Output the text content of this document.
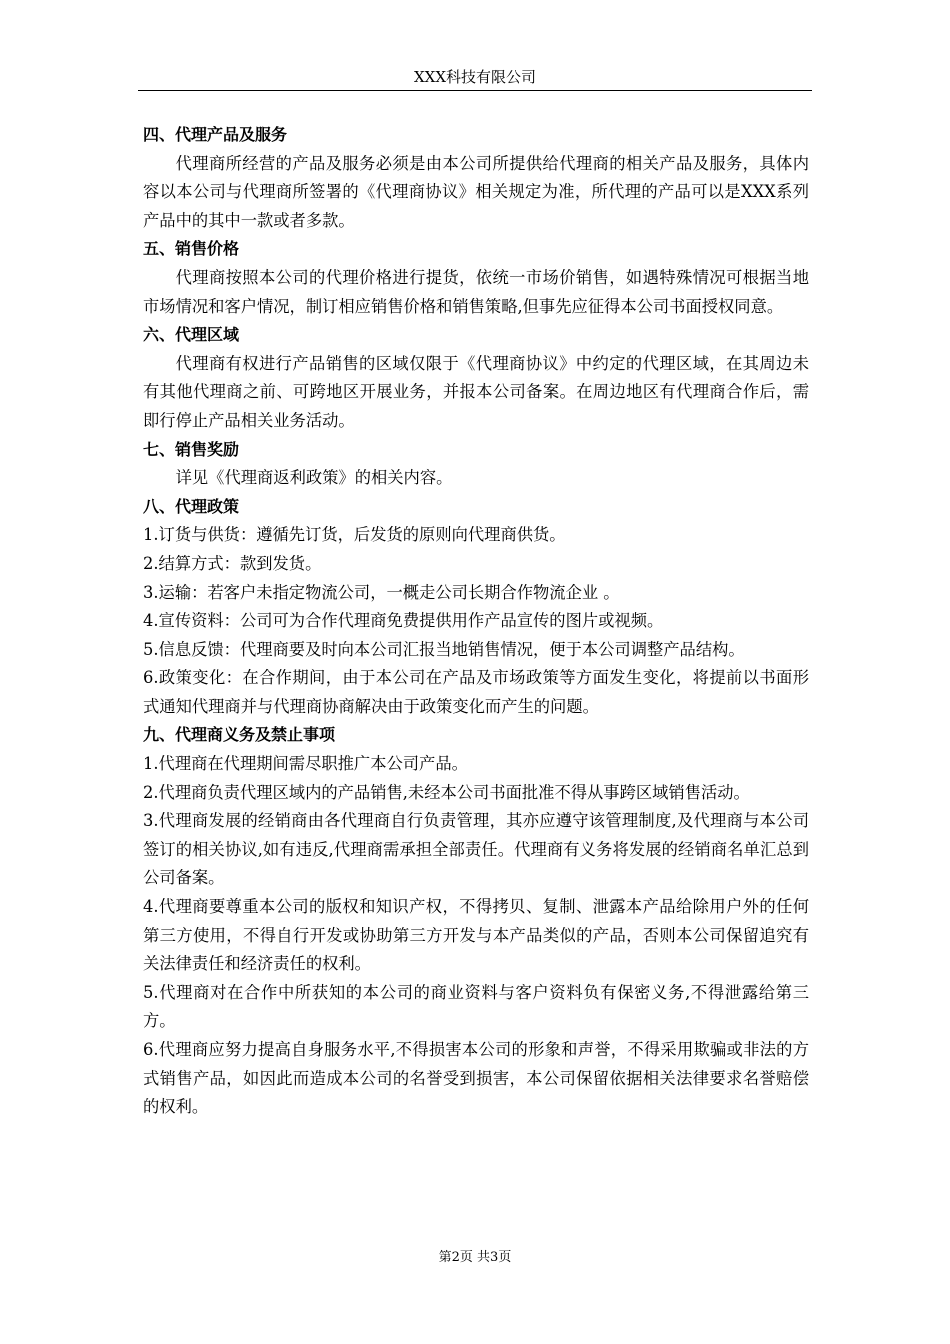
XXX科技有限公司
四、代理产品及服务
代理商所经营的产品及服务必须是由本公司所提供给代理商的相关产品及服务，具体内容以本公司与代理商所签署的《代理商协议》相关规定为准，所代理的产品可以是XXX系列产品中的其中一款或者多款。
五、销售价格
代理商按照本公司的代理价格进行提货，依统一市场价销售，如遇特殊情况可根据当地市场情况和客户情况，制订相应销售价格和销售策略,但事先应征得本公司书面授权同意。
六、代理区域
代理商有权进行产品销售的区域仅限于《代理商协议》中约定的代理区域，在其周边未有其他代理商之前、可跨地区开展业务，并报本公司备案。在周边地区有代理商合作后，需即行停止产品相关业务活动。
七、销售奖励
详见《代理商返利政策》的相关内容。
八、代理政策
1.订货与供货：遵循先订货，后发货的原则向代理商供货。
2.结算方式：款到发货。
3.运输：若客户未指定物流公司，一概走公司长期合作物流企业 。
4.宣传资料：公司可为合作代理商免费提供用作产品宣传的图片或视频。
5.信息反馈：代理商要及时向本公司汇报当地销售情况，便于本公司调整产品结构。
6.政策变化：在合作期间，由于本公司在产品及市场政策等方面发生变化，将提前以书面形式通知代理商并与代理商协商解决由于政策变化而产生的问题。
九、代理商义务及禁止事项
1.代理商在代理期间需尽职推广本公司产品。
2.代理商负责代理区域内的产品销售,未经本公司书面批准不得从事跨区域销售活动。
3.代理商发展的经销商由各代理商自行负责管理，其亦应遵守该管理制度,及代理商与本公司签订的相关协议,如有违反,代理商需承担全部责任。代理商有义务将发展的经销商名单汇总到公司备案。
4.代理商要尊重本公司的版权和知识产权，不得拷贝、复制、泄露本产品给除用户外的任何第三方使用，不得自行开发或协助第三方开发与本产品类似的产品，否则本公司保留追究有关法律责任和经济责任的权利。
5.代理商对在合作中所获知的本公司的商业资料与客户资料负有保密义务,不得泄露给第三方。
6.代理商应努力提高自身服务水平,不得损害本公司的形象和声誉，不得采用欺骗或非法的方式销售产品，如因此而造成本公司的名誉受到损害，本公司保留依据相关法律要求名誉赔偿的权利。
第2页 共3页
